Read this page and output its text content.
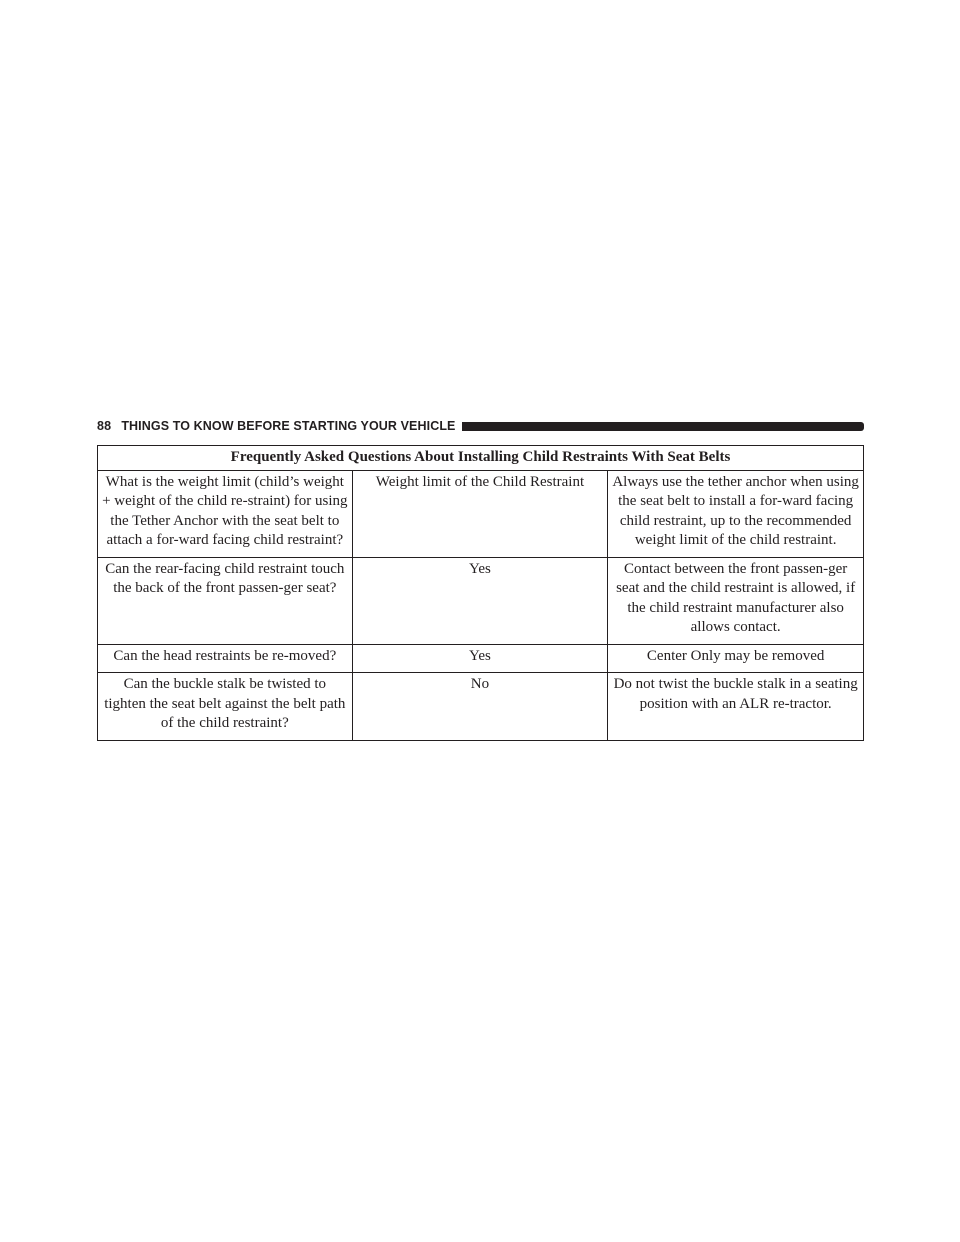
88 THINGS TO KNOW BEFORE STARTING YOUR VEHICLE
Frequently Asked Questions About Installing Child Restraints With Seat Belts		
What is the weight limit (child’s weight + weight of the child re-straint) for using the Tether Anchor with the seat belt to attach a for-ward facing child restraint?	Weight limit of the Child Restraint	Always use the tether anchor when using the seat belt to install a for-ward facing child restraint, up to the recommended weight limit of the child restraint.
Can the rear-facing child restraint touch the back of the front passen-ger seat?	Yes	Contact between the front passen-ger seat and the child restraint is allowed, if the child restraint manufacturer also allows contact.
Can the head restraints be re-moved?	Yes	Center Only may be removed
Can the buckle stalk be twisted to tighten the seat belt against the belt path of the child restraint?	No	Do not twist the buckle stalk in a seating position with an ALR re-tractor.
